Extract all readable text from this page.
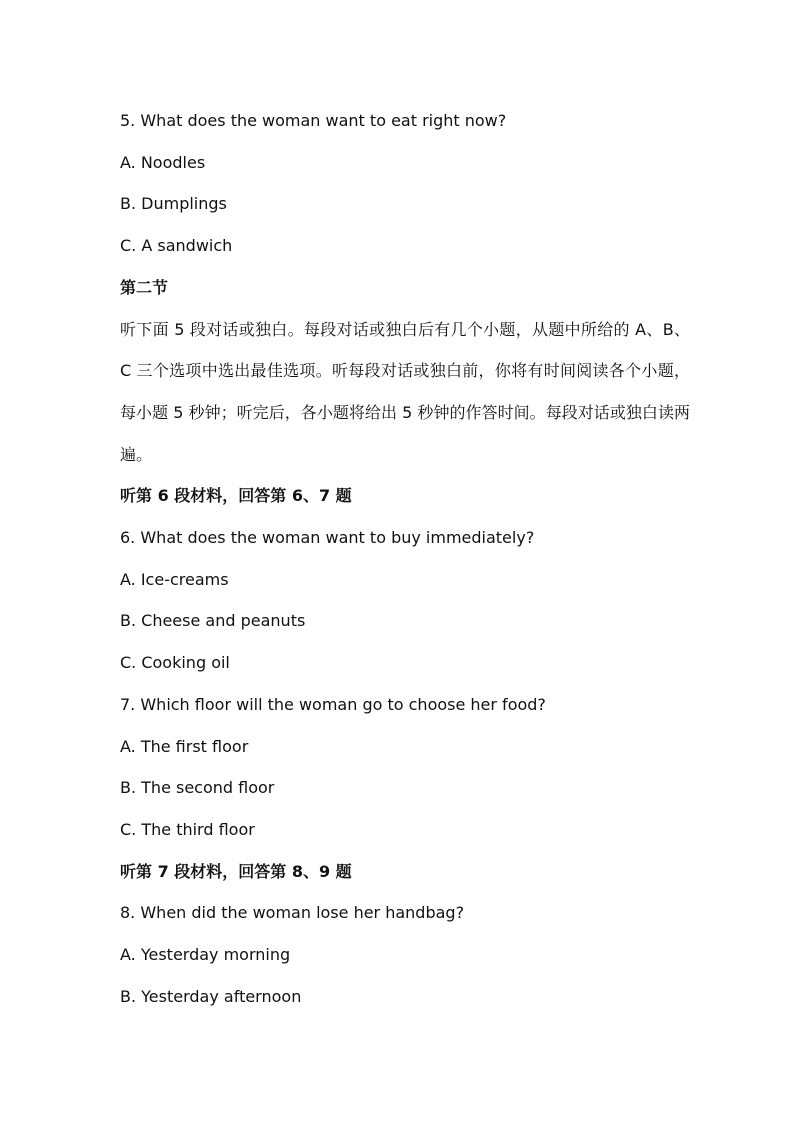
5. What does the woman want to eat right now?

A. Noodles

B. Dumplings

C. A sandwich

第二节

听下面 5 段对话或独白。每段对话或独白后有几个小题，从题中所给的 A、B、C 三个选项中选出最佳选项。听每段对话或独白前，你将有时间阅读各个小题，每小题 5 秒钟；听完后，各小题将给出 5 秒钟的作答时间。每段对话或独白读两遍。

听第 6 段材料，回答第 6、7 题

6. What does the woman want to buy immediately?

A. Ice-creams

B. Cheese and peanuts

C. Cooking oil

7. Which floor will the woman go to choose her food?

A. The first floor

B. The second floor

C. The third floor

听第 7 段材料，回答第 8、9 题

8. When did the woman lose her handbag?

A. Yesterday morning

B. Yesterday afternoon
